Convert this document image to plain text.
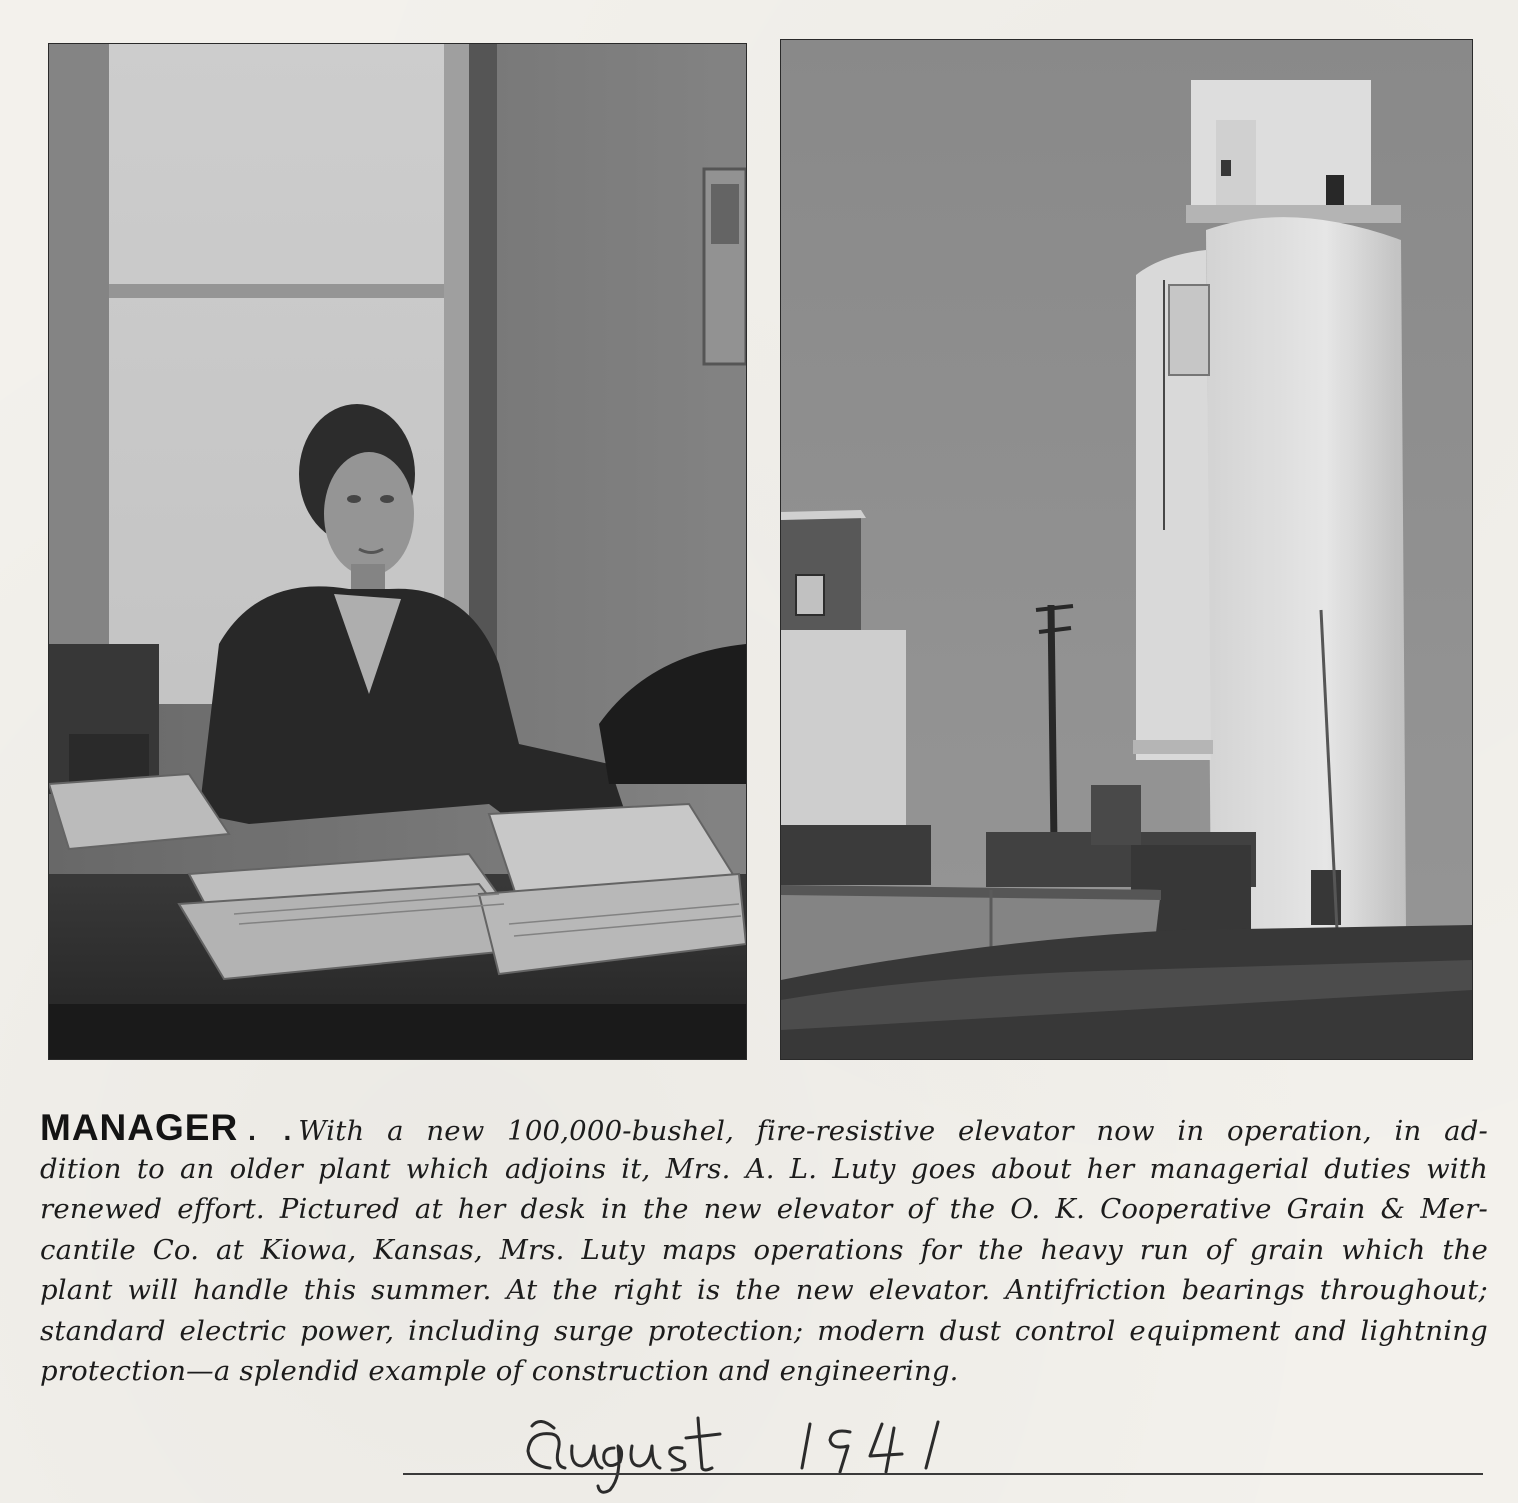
MANAGER . . With a new 100,000-bushel, fire-resistive elevator now in operation, in ad-
dition to an older plant which adjoins it, Mrs. A. L. Luty goes about her managerial duties with
renewed effort. Pictured at her desk in the new elevator of the O. K. Cooperative Grain & Mer-
cantile Co. at Kiowa, Kansas, Mrs. Luty maps operations for the heavy run of grain which the
plant will handle this summer. At the right is the new elevator. Antifriction bearings throughout;
standard electric power, including surge protection; modern dust control equipment and lightning
protection—a splendid example of construction and engineering.
